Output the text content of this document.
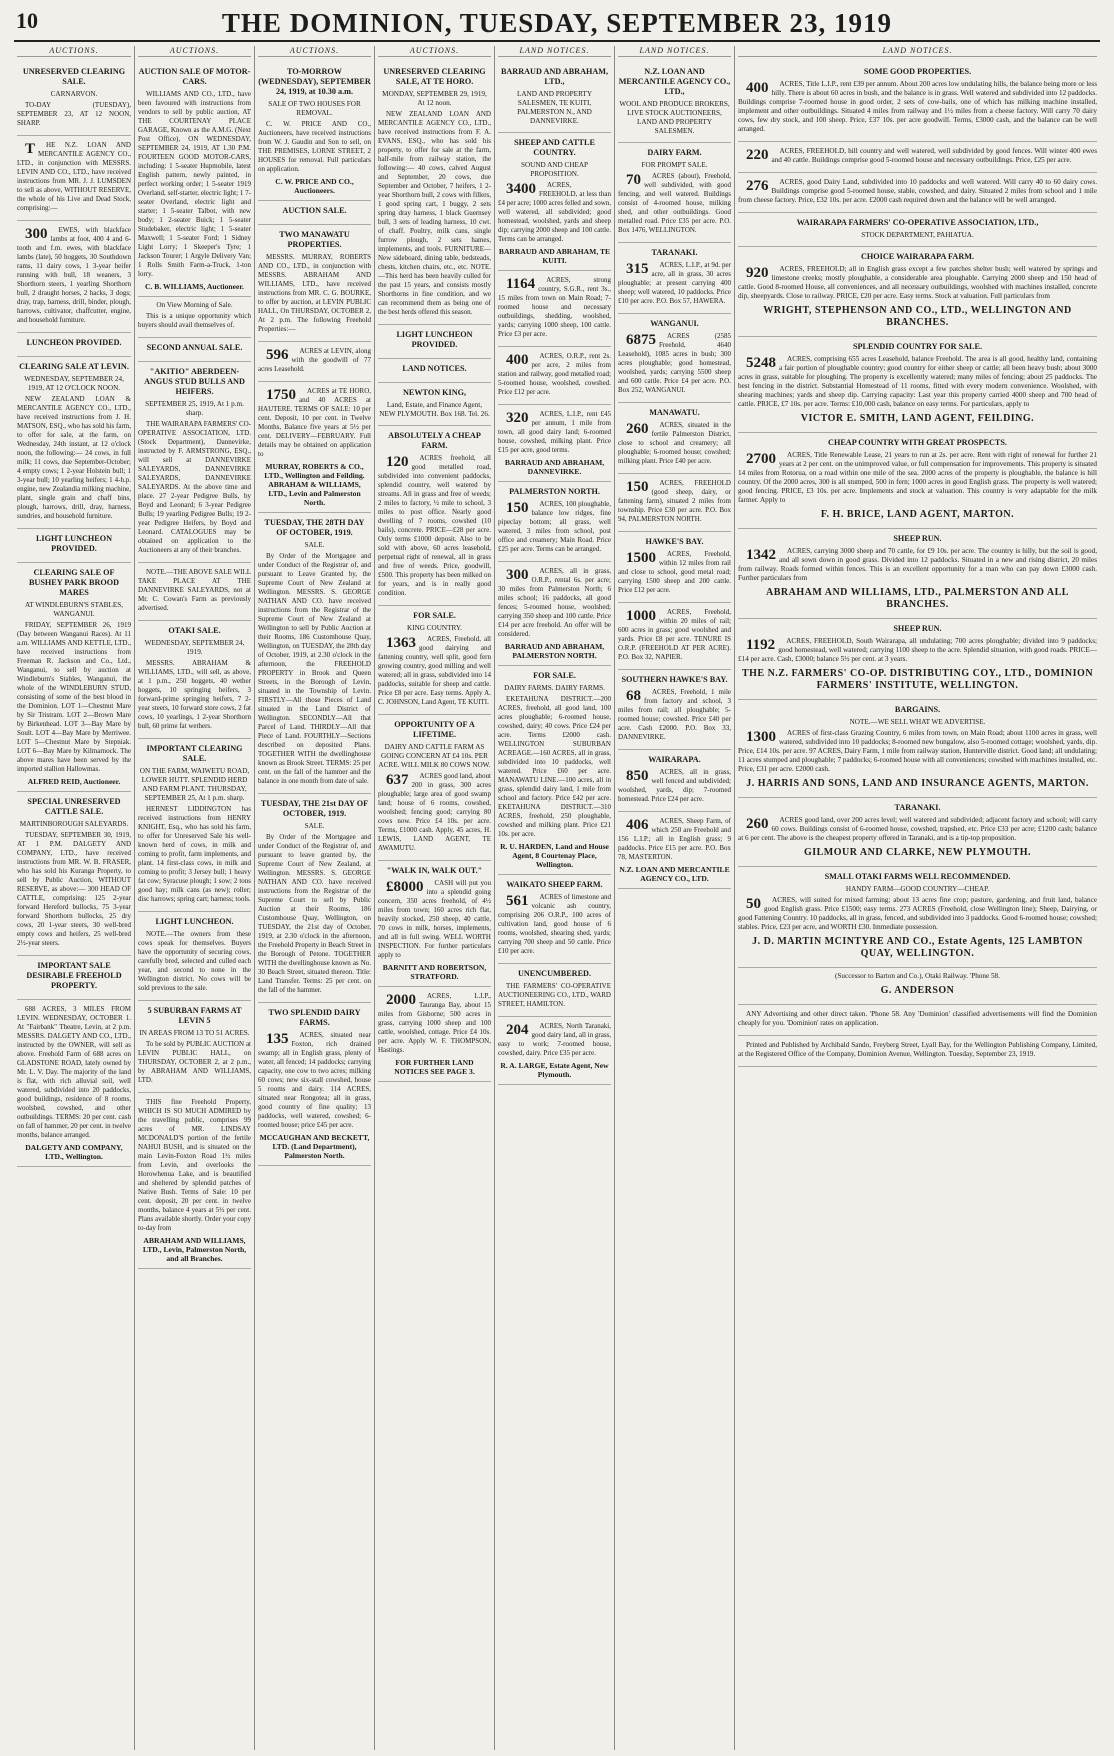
10	THE DOMINION, TUESDAY, SEPTEMBER 23, 1919
AUCTIONS.
UNRESERVED CLEARING SALE.
CARNARVON.
TO-DAY (TUESDAY), SEPTEMBER 23, AT 12 NOON, SHARP.
T HE N.Z. LOAN AND MERCANTILE AGENCY CO., LTD., in conjunction with MESSRS. LEVIN AND CO., LTD., have received instructions from MR. J. J. LUMSDEN to sell as above, WITHOUT RESERVE, the whole of his Live and Dead Stock, comprising:—
300 EWES, with blackface lambs at foot, 400 4 and 6-tooth and f.m. ewes, with blackface lambs (late), 50 hoggets, 30 Southdown rams, 11 dairy cows, 1 3-year heifer running with bull, 18 weaners, 3 Shorthorn steers, 1 yearling Shorthorn bull, 2 draught horses, 2 hacks, 3 dogs; dray, trap, harness, drill, binder, plough, harrows, cultivator, chaffcutter, engine, and household furniture.
LUNCHEON PROVIDED.
CLEARING SALE AT LEVIN.
WEDNESDAY, SEPTEMBER 24, 1919, AT 12 O'CLOCK NOON.
NEW ZEALAND LOAN & MERCANTILE AGENCY CO., LTD., have received instructions from J. H. MATSON, ESQ., who has sold his farm, to offer for sale, at the farm, on Wednesday, 24th instant, at 12 o'clock noon, the following:— 24 cows, in full milk; 11 cows, due September-October; 4 empty cows; 1 2-year Holstein bull; 1 3-year bull; 10 yearling heifers; 1 4-h.p. engine, new Zealandia milking machine, plant, single grain and chaff bins, plough, harrows, drill, dray, harness, sundries, and household furniture.
LIGHT LUNCHEON PROVIDED.
CLEARING SALE OF BUSHEY PARK BROOD MARES
AT WINDLEBURN'S STABLES, WANGANUI.
FRIDAY, SEPTEMBER 26, 1919 (Day between Wanganui Races). At 11 a.m. WILLIAMS AND KETTLE, LTD., have received instructions from Freeman R. Jackson and Co., Ltd., Wanganui, to sell by auction at Windleburn's Stables, Wanganui, the whole of the WINDLEBURN STUD, consisting of some of the best blood in the Dominion. LOT 1—Chestnut Mare by Sir Tristram. LOT 2—Brown Mare by Birkenhead. LOT 3—Bay Mare by Soult. LOT 4—Bay Mare by Merriwee. LOT 5—Chestnut Mare by Stepniak. LOT 6—Bay Mare by Kilmarnock. The above mares have been served by the imported stallion Hallowmas.
ALFRED REID, Auctioneer.
SPECIAL UNRESERVED CATTLE SALE.
MARTINBOROUGH SALEYARDS.
TUESDAY, SEPTEMBER 30, 1919, AT 1 P.M. DALGETY AND COMPANY, LTD., have received instructions from MR. W. B. FRASER, who has sold his Kuranga Property, to sell by Public Auction, WITHOUT RESERVE, as above:— 300 HEAD OF CATTLE, comprising: 125 2-year forward Hereford bullocks, 75 3-year forward Shorthorn bullocks, 25 dry cows, 20 1-year steers, 30 well-bred empty cows and heifers, 25 well-bred 2½-year steers.
IMPORTANT SALE DESIRABLE FREEHOLD PROPERTY.
688 ACRES, 3 MILES FROM LEVIN. WEDNESDAY, OCTOBER 1. At "Fairbank" Theatre, Levin, at 2 p.m. MESSRS. DALGETY AND CO., LTD., instructed by the OWNER, will sell as above. Freehold Farm of 688 acres on GLADSTONE ROAD, lately owned by Mr. L. V. Day. The majority of the land is flat, with rich alluvial soil, well watered, subdivided into 20 paddocks, good buildings, residence of 8 rooms, woolshed, cowshed, and other outbuildings. TERMS: 20 per cent. cash on fall of hammer, 20 per cent. in twelve months, balance arranged.
DALGETY AND COMPANY, LTD., Wellington.
AUCTIONS.
AUCTION SALE OF MOTOR-CARS.
WILLIAMS AND CO., LTD., have been favoured with instructions from vendors to sell by public auction, AT THE COURTENAY PLACE GARAGE, Known as the A.M.G. (Next Post Office), ON WEDNESDAY, SEPTEMBER 24, 1919, AT 1.30 P.M. FOURTEEN GOOD MOTOR-CARS, including: 1 5-seater Hupmobile, latest English pattern, newly painted, in perfect working order; 1 5-seater 1919 Overland, self-starter, electric light; 1 7-seater Overland, electric light and starter; 1 5-seater Talbot, with new body; 1 2-seater Buick; 1 5-seater Studebaker, electric light; 1 5-seater Maxwell; 1 5-seater Ford; 1 Sidney Light Lorry; 1 Skeeper's Tyre; 1 Jackson Tourer; 1 Argyle Delivery Van; 1 Rolls Smith Farm-a-Truck, 1-ton lorry.
C. B. WILLIAMS, Auctioneer.
On View Morning of Sale.
This is a unique opportunity which buyers should avail themselves of.
SECOND ANNUAL SALE.
"AKITIO" ABERDEEN-ANGUS STUD BULLS AND HEIFERS.
SEPTEMBER 25, 1919, At 1 p.m. sharp.
THE WAIRARAPA FARMERS' CO-OPERATIVE ASSOCIATION, LTD. (Stock Department), Dannevirke, instructed by F. ARMSTRONG, ESQ., will sell at DANNEVIRKE SALEYARDS, DANNEVIRKE SALEYARDS, DANNEVIRKE SALEYARDS. At the above time and place. 27 2-year Pedigree Bulls, by Boyd and Leonard; 6 3-year Pedigree Bulls; 19 yearling Pedigree Bulls; 19 2-year Pedigree Heifers, by Boyd and Leonard. CATALOGUES may be obtained on application to the Auctioneers at any of their branches.
NOTE.—THE ABOVE SALE WILL TAKE PLACE AT THE DANNEVIRKE SALEYARDS, not at Mr. C. Cowan's Farm as previously advertised.
OTAKI SALE.
WEDNESDAY, SEPTEMBER 24, 1919.
MESSRS. ABRAHAM & WILLIAMS, LTD., will sell, as above, at 1 p.m., 250 hoggets, 40 wether hoggets, 10 springing heifers, 3 forward-prime springing heifers, 7 2-year steers, 10 forward store cows, 2 fat cows, 10 yearlings, 1 2-year Shorthorn bull, 60 prime fat wethers.
IMPORTANT CLEARING SALE.
ON THE FARM, WAIWETU ROAD, LOWER HUTT. SPLENDID HERD AND FARM PLANT. THURSDAY, SEPTEMBER 25, At 1 p.m. sharp.
HERNEST LIDDINGTON has received instructions from HENRY KNIGHT, Esq., who has sold his farm, to offer for Unreserved Sale his well-known herd of cows, in milk and coming to profit, farm implements, and plant. 14 first-class cows, in milk and coming to profit; 3 Jersey bull; 1 heavy fat cow; Syracuse plough; 1 sow; 2 tons good hay; milk cans (as new); roller; disc harrows; spring cart; harness; tools.
LIGHT LUNCHEON.
NOTE.—The owners from these cows speak for themselves. Buyers have the opportunity of securing cows, carefully bred, selected and culled each year, and second to none in the Wellington district. No cows will be sold previous to the sale.
5 SUBURBAN FARMS AT LEVIN 5
IN AREAS FROM 13 TO 51 ACRES.
To be sold by PUBLIC AUCTION at LEVIN PUBLIC HALL, on THURSDAY, OCTOBER 2, at 2 p.m., by ABRAHAM AND WILLIAMS, LTD.
THIS fine Freehold Property, WHICH IS SO MUCH ADMIRED by the travelling public, comprises 99 acres of MR. LINDSAY MCDONALD'S portion of the fertile NAHUI BUSH, and is situated on the main Levin-Foxton Road 1½ miles from Levin, and overlooks the Horowhenua Lake, and is beautified and sheltered by splendid patches of Native Bush. Terms of Sale: 10 per cent. deposit, 20 per cent. in twelve months, balance 4 years at 5½ per cent. Plans available shortly. Order your copy to-day from
ABRAHAM AND WILLIAMS, LTD., Levin, Palmerston North, and all Branches.
AUCTIONS.
TO-MORROW (WEDNESDAY), SEPTEMBER 24, 1919, at 10.30 a.m.
SALE OF TWO HOUSES FOR REMOVAL.
C. W. PRICE AND CO., Auctioneers, have received instructions from W. J. Gaudin and Son to sell, on THE PREMISES, LORNE STREET, 2 HOUSES for removal. Full particulars on application.
C. W. PRICE AND CO., Auctioneers.
AUCTION SALE.
TWO MANAWATU PROPERTIES.
MESSRS. MURRAY, ROBERTS AND CO., LTD., in conjunction with MESSRS. ABRAHAM AND WILLIAMS, LTD., have received instructions from MR. C. G. BOURKE, to offer by auction, at LEVIN PUBLIC HALL, On THURSDAY, OCTOBER 2, At 2 p.m. The following Freehold Properties:—
596 ACRES at LEVIN, along with the goodwill of 77 acres Leasehold.
1750 ACRES at TE HORO, and 40 ACRES at HAUTERE. TERMS OF SALE: 10 per cent. Deposit, 10 per cent. in Twelve Months, Balance five years at 5½ per cent. DELIVERY—FEBRUARY. Full details may be obtained on application to
MURRAY, ROBERTS & CO., LTD., Wellington and Feilding. ABRAHAM & WILLIAMS, LTD., Levin and Palmerston North.
TUESDAY, THE 28TH DAY OF OCTOBER, 1919.
SALE.
By Order of the Mortgagee and under Conduct of the Registrar of, and pursuant to Leave Granted by, the Supreme Court of New Zealand at Wellington. MESSRS. S. GEORGE NATHAN AND CO. have received instructions from the Registrar of the Supreme Court of New Zealand at Wellington to sell by Public Auction at their Rooms, 186 Customhouse Quay, Wellington, on TUESDAY, the 28th day of October, 1919, at 2.30 o'clock in the afternoon, the FREEHOLD PROPERTY in Brook and Queen Streets, in the Borough of Levin, situated in the Township of Levin. FIRSTLY—All those Pieces of Land situated in the Land District of Wellington. SECONDLY—All that Parcel of Land. THIRDLY—All that Piece of Land. FOURTHLY—Sections described on deposited Plans. TOGETHER WITH the dwellinghouse known as Brook Street. TERMS: 25 per cent. on the fall of the hammer and the balance in one month from date of sale.
TUESDAY, THE 21st DAY OF OCTOBER, 1919.
SALE.
By Order of the Mortgagee and under Conduct of the Registrar of, and pursuant to leave granted by, the Supreme Court of New Zealand, at Wellington. MESSRS. S. GEORGE NATHAN AND CO. have received instructions from the Registrar of the Supreme Court to sell by Public Auction at their Rooms, 186 Customhouse Quay, Wellington, on TUESDAY, the 21st day of October, 1919, at 2.30 o'clock in the afternoon, the Freehold Property in Beach Street in the Borough of Petone. TOGETHER WITH the dwellinghouse known as No. 30 Beach Street, situated thereon. Title: Land Transfer. Terms: 25 per cent. on the fall of the hammer.
TWO SPLENDID DAIRY FARMS.
135 ACRES, situated near Foxton, rich drained swamp; all in English grass, plenty of water, all fenced; 14 paddocks; carrying capacity, one cow to two acres; milking 60 cows; new six-stall cowshed, house 5 rooms and dairy. 114 ACRES, situated near Rongotea; all in grass, good country of fine quality; 13 paddocks, well watered, cowshed; 6-roomed house; price £45 per acre.
MCCAUGHAN AND BECKETT, LTD. (Land Department), Palmerston North.
AUCTIONS.
UNRESERVED CLEARING SALE, AT TE HORO.
MONDAY, SEPTEMBER 29, 1919, At 12 noon.
NEW ZEALAND LOAN AND MERCANTILE AGENCY CO., LTD., have received instructions from F. A. EVANS, ESQ., who has sold his property, to offer for sale at the farm, half-mile from railway station, the following:— 40 cows, calved August and September, 20 cows, due September and October, 7 heifers, 1 2-year Shorthorn bull, 2 cows with fillers, 1 good spring cart, 1 buggy, 2 sets spring dray harness, 1 black Guernsey bull, 3 sets of leading harness, 10 cwt. of chaff. Poultry, milk cans, single furrow plough, 2 sets hames, implements, and tools. FURNITURE—New sideboard, dining table, bedsteads, chests, kitchen chairs, etc., etc. NOTE.—This herd has been heavily culled for the past 15 years, and consists mostly Shorthorns in fine condition, and we can recommend them as being one of the best herds offered this season.
LIGHT LUNCHEON PROVIDED.
LAND NOTICES.
NEWTON KING,
Land, Estate, and Finance Agent, NEW PLYMOUTH. Box 168. Tel. 26.
ABSOLUTELY A CHEAP FARM.
120 ACRES freehold, all good metalled road, subdivided into convenient paddocks, splendid country, well watered by streams. All in grass and free of weeds; 2 miles to factory, ½ mile to school, 3 miles to post office. Nearly good dwelling of 7 rooms, cowshed (10 bails), concrete. PRICE—£28 per acre. Only terms £1000 deposit. Also to be sold with above, 60 acres leasehold, perpetual right of renewal, all in grass and free of weeds. Price, goodwill, £500. This property has been milked on for years, and is in really good condition.
FOR SALE.
KING COUNTRY.
1363 ACRES, Freehold, all good dairying and fattening country, well split, good fern growing country, good milling and well watered; all in grass, subdivided into 14 paddocks, suitable for sheep and cattle. Price £8 per acre. Easy terms. Apply A. C. JOHNSON, Land Agent, TE KUITI.
OPPORTUNITY OF A LIFETIME.
DAIRY AND CATTLE FARM AS GOING CONCERN AT £4 10s. PER ACRE. WILL MILK 80 COWS NOW.
637 ACRES good land, about 200 in grass, 300 acres ploughable; large area of good swamp land; house of 6 rooms, cowshed, woolshed; fencing good; carrying 80 cows now. Price £4 10s. per acre. Terms, £1000 cash. Apply, 45 acres, H. LEWIS, LAND AGENT, TE AWAMUTU.
"WALK IN, WALK OUT."
£8000 CASH will put you into a splendid going concern, 350 acres freehold, of 4½ miles from town; 160 acres rich flat, heavily stocked, 250 sheep, 40 cattle, 70 cows in milk, horses, implements, and all in full swing. WELL WORTH INSPECTION. For further particulars apply to
BARNITT AND ROBERTSON, STRATFORD.
2000 ACRES, L.I.P., Tauranga Bay, about 15 miles from Gisborne; 500 acres in grass, carrying 1000 sheep and 100 cattle, woolshed, cottage. Price £4 10s. per acre. Apply W. F. THOMPSON, Hastings.
FOR FURTHER LAND NOTICES SEE PAGE 3.
LAND NOTICES.
BARRAUD AND ABRAHAM, LTD.,
LAND AND PROPERTY SALESMEN, TE KUITI, PALMERSTON N., AND DANNEVIRKE.
SHEEP AND CATTLE COUNTRY.
SOUND AND CHEAP PROPOSITION.
3400 ACRES, FREEHOLD, at less than £4 per acre; 1000 acres felled and sown, well watered, all subdivided; good homestead, woolshed, yards and sheep dip; carrying 2000 sheep and 100 cattle. Terms can be arranged.
BARRAUD AND ABRAHAM, TE KUITI.
1164 ACRES, strong country, S.G.R., rent 3s., 15 miles from town on Main Road; 7-roomed house and necessary outbuildings, shedding, woolshed, yards; carrying 1000 sheep, 100 cattle. Price £3 per acre.
400 ACRES, O.R.P., rent 2s. per acre, 2 miles from station and railway, good metalled road; 5-roomed house, woolshed, cowshed. Price £12 per acre.
320 ACRES, L.I.P., rent £45 per annum, 1 mile from town, all good dairy land; 6-roomed house, cowshed, milking plant. Price £15 per acre, good terms.
BARRAUD AND ABRAHAM, DANNEVIRKE.
PALMERSTON NORTH.
150 ACRES, 100 ploughable, balance low ridges, fine pipeclay bottom; all grass, well watered, 3 miles from school, post office and creamery; Main Road. Price £25 per acre. Terms can be arranged.
300 ACRES, all in grass, O.R.P., rental 6s. per acre; 30 miles from Palmerston North; 6 miles school; 16 paddocks, all good fences; 5-roomed house, woolshed; carrying 350 sheep and 100 cattle. Price £14 per acre freehold. An offer will be considered.
BARRAUD AND ABRAHAM, PALMERSTON NORTH.
FOR SALE.
DAIRY FARMS. DAIRY FARMS.
EKETAHUNA DISTRICT.—200 ACRES, freehold, all good land, 100 acres ploughable; 6-roomed house, cowshed, dairy; 40 cows. Price £24 per acre. Terms £2000 cash. WELLINGTON SUBURBAN ACREAGE.—160 ACRES, all in grass, subdivided into 10 paddocks, well watered. Price £60 per acre. MANAWATU LINE.—100 acres, all in grass, splendid dairy land, 1 mile from school and factory. Price £42 per acre. EKETAHUNA DISTRICT.—310 ACRES, freehold, 250 ploughable, cowshed and milking plant. Price £21 10s. per acre.
R. U. HARDEN, Land and House Agent, 8 Courtenay Place, Wellington.
WAIKATO SHEEP FARM.
561 ACRES of limestone and volcanic ash country, comprising 206 O.R.P., 100 acres of cultivation land, good house of 6 rooms, woolshed, shearing shed, yards; carrying 700 sheep and 50 cattle. Price £10 per acre.
UNENCUMBERED.
THE FARMERS' CO-OPERATIVE AUCTIONEERING CO., LTD., WARD STREET, HAMILTON.
204 ACRES, North Taranaki, good dairy land, all in grass, easy to work; 7-roomed house, cowshed, dairy. Price £35 per acre.
R. A. LARGE, Estate Agent, New Plymouth.
LAND NOTICES.
N.Z. LOAN AND MERCANTILE AGENCY CO., LTD.,
WOOL AND PRODUCE BROKERS, LIVE STOCK AUCTIONEERS, LAND AND PROPERTY SALESMEN.
DAIRY FARM.
FOR PROMPT SALE.
70 ACRES (about), Freehold, well subdivided, with good fencing, and well watered. Buildings consist of 4-roomed house, milking shed, and other outbuildings. Good metalled road. Price £35 per acre. P.O. Box 1476, WELLINGTON.
TARANAKI.
315 ACRES, L.I.P., at 9d. per acre, all in grass, 30 acres ploughable; at present carrying 400 sheep; well watered, 10 paddocks. Price £10 per acre. P.O. Box 57, HAWERA.
WANGANUI.
6875 ACRES (2585 Freehold, 4640 Leasehold), 1085 acres in bush; 300 acres ploughable; good homestead, woolshed, yards; carrying 5500 sheep and 600 cattle. Price £4 per acre. P.O. Box 252, WANGANUI.
MANAWATU.
260 ACRES, situated in the fertile Palmerston District, close to school and creamery; all ploughable; 6-roomed house; cowshed; milking plant. Price £40 per acre.
150 ACRES, FREEHOLD (good sheep, dairy, or fattening farm), situated 2 miles from township. Price £30 per acre. P.O. Box 94, PALMERSTON NORTH.
HAWKE'S BAY.
1500 ACRES, Freehold, within 12 miles from rail and close to school, good metal road; carrying 1500 sheep and 200 cattle. Price £12 per acre.
1000 ACRES, Freehold, within 20 miles of rail; 600 acres in grass; good woolshed and yards. Price £8 per acre. TENURE IS O.R.P. (FREEHOLD AT PER ACRE). P.O. Box 32, NAPIER.
SOUTHERN HAWKE'S BAY.
68 ACRES, Freehold, 1 mile from factory and school, 3 miles from rail; all ploughable; 5-roomed house; cowshed. Price £40 per acre. Cash £2000. P.O. Box 33, DANNEVIRKE.
WAIRARAPA.
850 ACRES, all in grass, well fenced and subdivided; woolshed, yards, dip; 7-roomed homestead. Price £24 per acre.
406 ACRES, Sheep Farm, of which 250 are Freehold and 156 L.I.P.; all in English grass; 9 paddocks. Price £15 per acre. P.O. Box 78, MASTERTON.
N.Z. LOAN AND MERCANTILE AGENCY CO., LTD.
LAND NOTICES.
SOME GOOD PROPERTIES.
400 ACRES, Title L.I.P., rent £39 per annum. About 200 acres low undulating hills, the balance being more or less hilly. There is about 60 acres in bush, and the balance is in grass. Well watered and subdivided into 12 paddocks. Buildings comprise 7-roomed house in good order, 2 sets of cow-bails, one of which has milking machine installed, implement and other outbuildings. Situated 4 miles from railway and 1½ miles from a cheese factory. Will carry 70 dairy cows, few dry stock, and 100 sheep. Price, £37 10s. per acre goodwill. Terms, £3000 cash, and the balance can be well arranged.
220 ACRES, FREEHOLD, hill country and well watered, well subdivided by good fences. Will winter 400 ewes and 40 cattle. Buildings comprise good 5-roomed house and necessary outbuildings. Price, £25 per acre.
276 ACRES, good Dairy Land, subdivided into 10 paddocks and well watered. Will carry 40 to 60 dairy cows. Buildings comprise good 5-roomed house, stable, cowshed, and dairy. Situated 2 miles from school and 1 mile from cheese factory. Price, £32 10s. per acre. £2000 cash required down and the balance will be well arranged.
WAIRARAPA FARMERS' CO-OPERATIVE ASSOCIATION, LTD.,
STOCK DEPARTMENT, PAHIATUA.
CHOICE WAIRARAPA FARM.
920 ACRES, FREEHOLD; all in English grass except a few patches shelter bush; well watered by springs and limestone creeks; mostly ploughable, a considerable area ploughable. Carrying 2000 sheep and 150 head of cattle. Good 8-roomed House, all conveniences, and all necessary outbuildings, woolshed with machines installed, concrete dip, sheepyards. Close to railway. PRICE, £20 per acre. Easy terms. Stock at valuation. Full particulars from
WRIGHT, STEPHENSON AND CO., LTD., WELLINGTON AND BRANCHES.
SPLENDID COUNTRY FOR SALE.
5248 ACRES, comprising 655 acres Leasehold, balance Freehold. The area is all good, healthy land, containing a fair portion of ploughable country; good country for either sheep or cattle; all been heavy bush; about 3000 acres in grass, suitable for ploughing. The property is excellently watered; many miles of fencing; about 25 paddocks. The best fencing in the district. Substantial Homestead of 11 rooms, fitted with every modern convenience. Woolshed, with shearing machines; yards and sheep dip. Carrying capacity: Last year this property carried 4000 sheep and 700 head of cattle. PRICE, £7 10s. per acre. Terms: £10,000 cash, balance on easy terms. For particulars, apply to
VICTOR E. SMITH, LAND AGENT, FEILDING.
CHEAP COUNTRY WITH GREAT PROSPECTS.
2700 ACRES, Title Renewable Lease, 21 years to run at 2s. per acre. Rent with right of renewal for further 21 years at 2 per cent. on the unimproved value, or full compensation for improvements. This property is situated 14 miles from Rotorua, on a road within one mile of the sea. 2000 acres of the property is ploughable, the balance is hill country. Of the 2000 acres, 300 is all stumped, 500 in fern; 1000 acres in good English grass. The property is well watered; good fencing. PRICE, £3 10s. per acre. Implements and stock at valuation. This country is very adaptable for the milk farmer. Apply to
F. H. BRICE, LAND AGENT, MARTON.
SHEEP RUN.
1342 ACRES, carrying 3000 sheep and 70 cattle, for £9 10s. per acre. The country is hilly, but the soil is good, and all sown down in good grass. Divided into 12 paddocks. Situated in a new and rising district, 20 miles from railway. Roads formed within fences. This is an excellent opportunity for a man who can pay down £3000 cash. Further particulars from
ABRAHAM AND WILLIAMS, LTD., PALMERSTON AND ALL BRANCHES.
SHEEP RUN.
1192 ACRES, FREEHOLD, South Wairarapa, all undulating; 700 acres ploughable; divided into 9 paddocks; good homestead, well watered; carrying 1100 sheep to the acre. Splendid situation, with good roads. PRICE—£14 per acre. Cash, £3000; balance 5½ per cent. at 3 years.
THE N.Z. FARMERS' CO-OP. DISTRIBUTING COY., LTD., DOMINION FARMERS' INSTITUTE, WELLINGTON.
BARGAINS.
NOTE.—WE SELL WHAT WE ADVERTISE.
1300 ACRES of first-class Grazing Country, 6 miles from town, on Main Road; about 1100 acres in grass, well watered, subdivided into 10 paddocks; 8-roomed new bungalow, also 5-roomed cottage; woolshed, yards, dip. Price, £14 10s. per acre. 97 ACRES, Dairy Farm, 1 mile from railway station, Hunterville district. Good land; all undulating; 11 acres stumped and ploughable; 7 paddocks; 6-roomed house with all conveniences; cowshed with machines installed, etc. Price, £31 per acre. £2000 cash.
J. HARRIS AND SONS, LAND AND INSURANCE AGENTS, MARTON.
TARANAKI.
260 ACRES good land, over 200 acres level; well watered and subdivided; adjacent factory and school; will carry 60 cows. Buildings consist of 6-roomed house, cowshed, trapshed, etc. Price £33 per acre; £1200 cash; balance at 6 per cent. The above is the cheapest property offered in Taranaki, and is a tip-top proposition.
GILMOUR AND CLARKE, NEW PLYMOUTH.
SMALL OTAKI FARMS WELL RECOMMENDED.
HANDY FARM—GOOD COUNTRY—CHEAP.
50 ACRES, will suited for mixed farming; about 13 acres fine crop; pasture, gardening, and fruit land, balance good English grass. Price £1500; easy terms. 273 ACRES (Freehold, close Wellington line); Sheep, Dairying, or good Fattening Country. 10 paddocks, all in grass, fenced, and subdivided into 3 paddocks. Good 6-roomed house; cowshed; stables. Price, £23 per acre, and WORTH £30. Immediate possession.
J. D. MARTIN MCINTYRE AND CO., Estate Agents, 125 LAMBTON QUAY, WELLINGTON.
(Successor to Barton and Co.), Otaki Railway. 'Phone 58.
G. ANDERSON
ANY Advertising and other direct taken. 'Phone 58. Any 'Dominion' classified advertisements will find the Dominion cheaply for you. 'Dominion' rates on application.
Printed and Published by Archibald Sando, Freyberg Street, Lyall Bay, for the Wellington Publishing Company, Limited, at the Registered Office of the Company, Dominion Avenue, Wellington. Tuesday, September 23, 1919.
